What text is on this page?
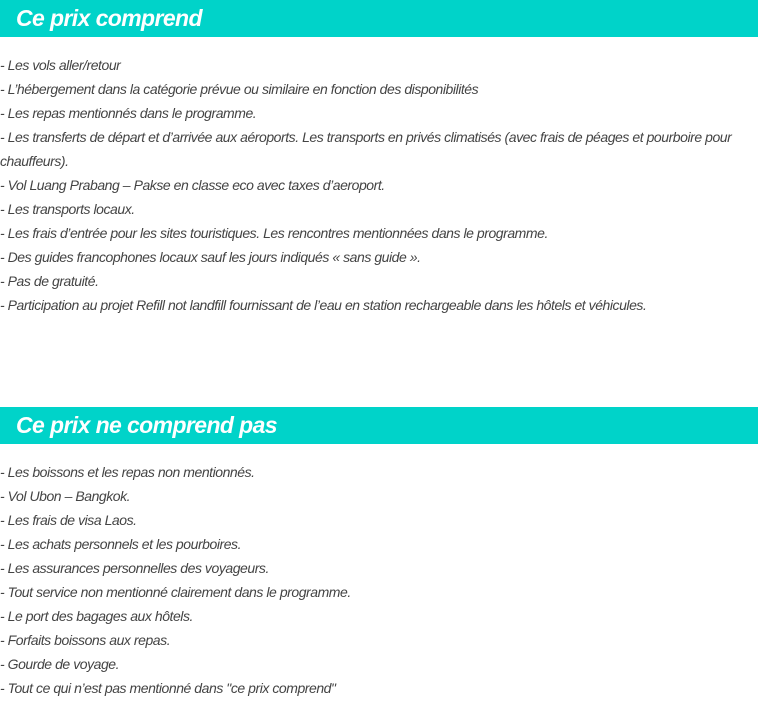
Ce prix comprend
- Les vols aller/retour
- L’hébergement dans la catégorie prévue ou similaire en fonction des disponibilités
- Les repas mentionnés dans le programme.
- Les transferts de départ et d’arrivée aux aéroports. Les transports en privés climatisés (avec frais de péages et pourboire pour chauffeurs).
- Vol Luang Prabang – Pakse en classe eco avec taxes d’aeroport.
- Les transports locaux.
- Les frais d’entrée pour les sites touristiques. Les rencontres mentionnées dans le programme.
- Des guides francophones locaux sauf les jours indiqués « sans guide ».
- Pas de gratuité.
- Participation au projet Refill not landfill fournissant de l’eau en station rechargeable dans les hôtels et véhicules.
Ce prix ne comprend pas
- Les boissons et les repas non mentionnés.
- Vol Ubon – Bangkok.
- Les frais de visa Laos.
- Les achats personnels et les pourboires.
- Les assurances personnelles des voyageurs.
- Tout service non mentionné clairement dans le programme.
- Le port des bagages aux hôtels.
- Forfaits boissons aux repas.
- Gourde de voyage.
- Tout ce qui n’est pas mentionné dans "ce prix comprend"
